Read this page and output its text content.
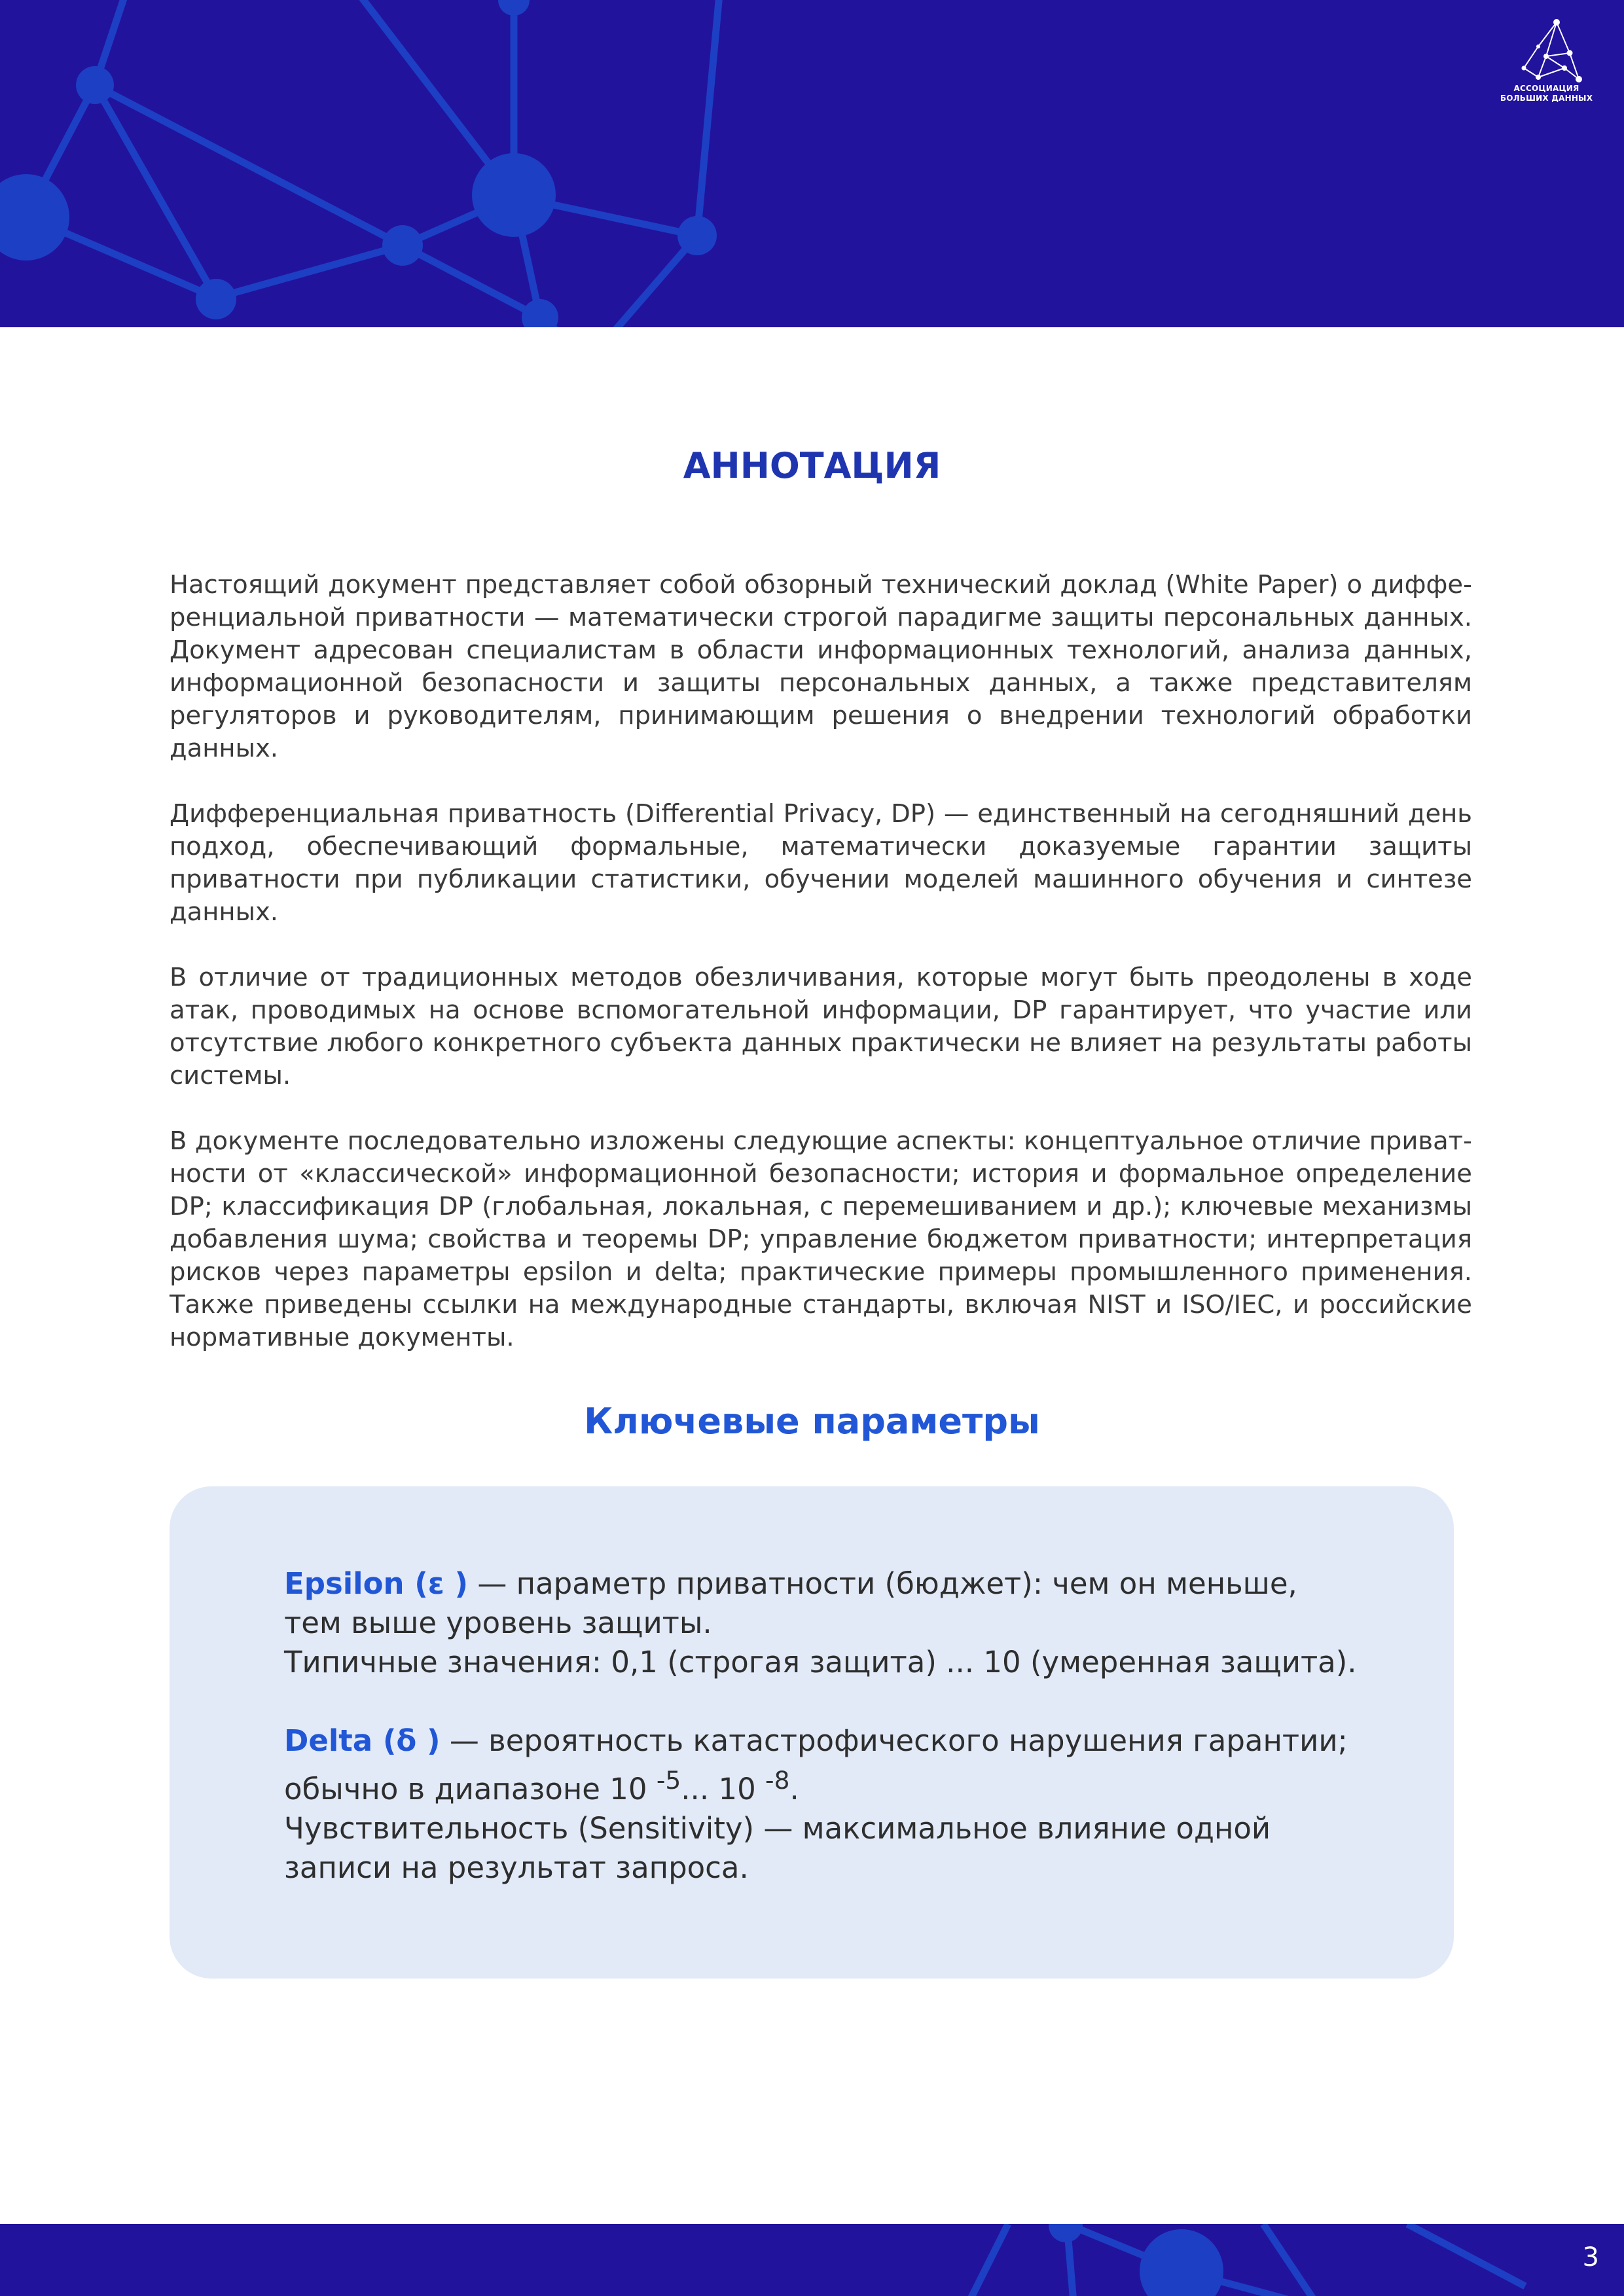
АССОЦИАЦИЯ
БОЛЬШИХ ДАННЫХ
АННОТАЦИЯ

Настоящий документ представляет собой обзорный технический доклад (White Paper) о дифференциальной приватности — математически строгой парадигме защиты персональных данных. Документ адресован специалистам в области информационных технологий, анализа данных, информационной безопасности и защиты персональных данных, а также представителям регуляторов и руководителям, принимающим решения о внедрении технологий обработки данных.

Дифференциальная приватность (Differential Privacy, DP) — единственный на сегодняшний день подход, обеспечивающий формальные, математически доказуемые гарантии защиты приватности при публикации статистики, обучении моделей машинного обучения и синтезе данных.

В отличие от традиционных методов обезличивания, которые могут быть преодолены в ходе атак, проводимых на основе вспомогательной информации, DP гарантирует, что участие или отсутствие любого конкретного субъекта данных практически не влияет на результаты работы системы.

В документе последовательно изложены следующие аспекты: концептуальное отличие приватности от «классической» информационной безопасности; история и формальное определение DP; классификация DP (глобальная, локальная, с перемешиванием и др.); ключевые механизмы добавления шума; свойства и теоремы DP; управление бюджетом приватности; интерпретация рисков через параметры epsilon и delta; практические примеры промышленного применения. Также приведены ссылки на международные стандарты, включая NIST и ISO/IEC, и российские нормативные документы.

Ключевые параметры

Epsilon (ε ) — параметр приватности (бюджет): чем он меньше,
тем выше уровень защиты.
Типичные значения: 0,1 (строгая защита) ... 10 (умеренная защита).

Delta (δ ) — вероятность катастрофического нарушения гарантии;
обычно в диапазоне 10 $^{-5}$... 10 $^{-8}$.
Чувствительность (Sensitivity) — максимальное влияние одной
записи на результат запроса.

3
